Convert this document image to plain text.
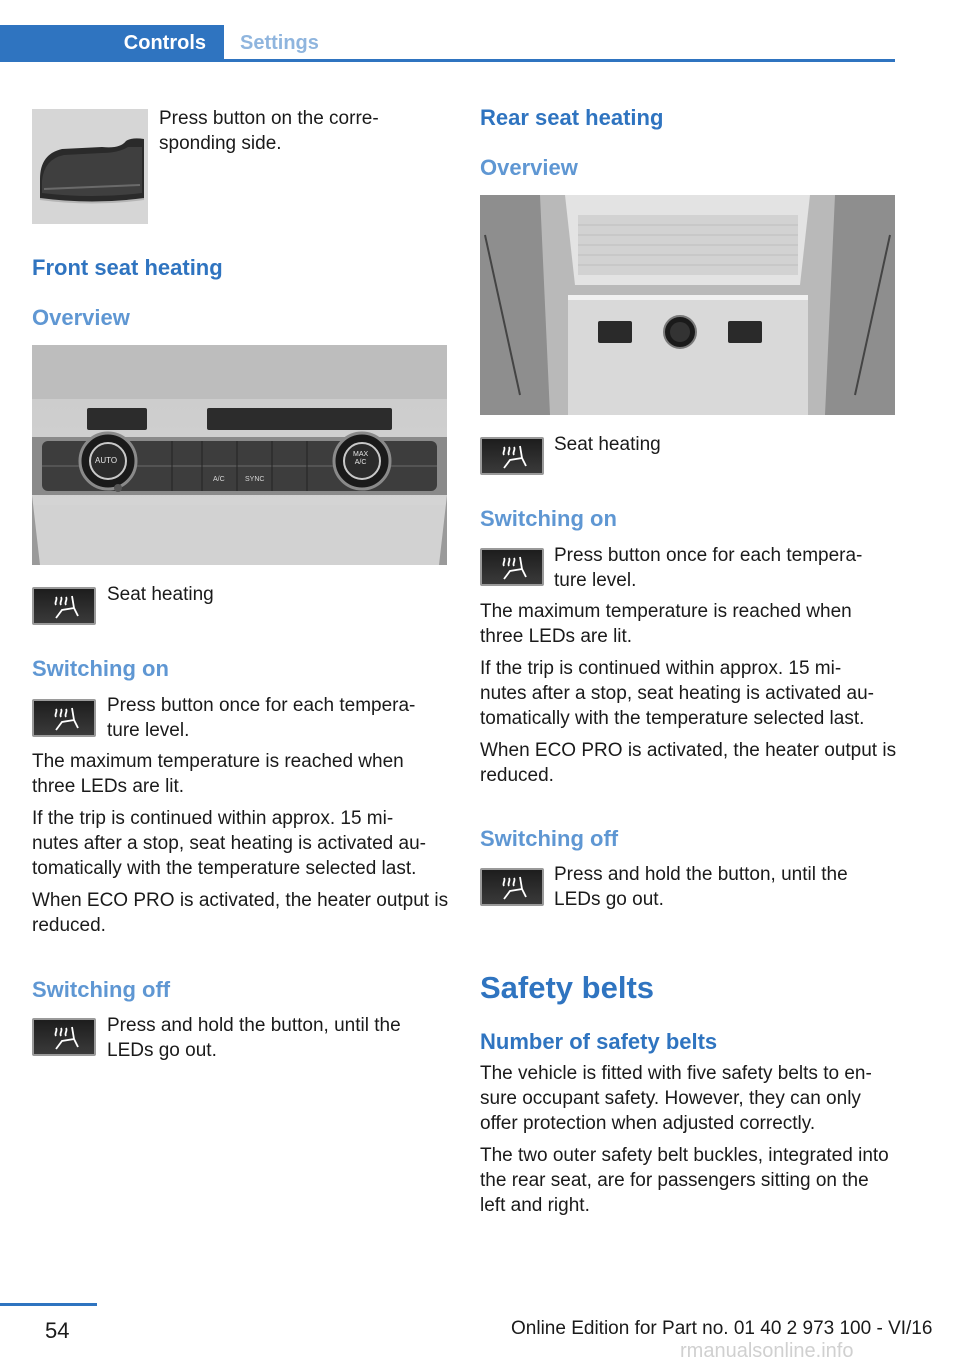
Controls	Settings

Press button on the corre‐
sponding side.

Front seat heating
Overview
AUTO
MAX
A/C
A/C	SYNC

Seat heating

Switching on

Press button once for each tempera‐
ture level.

The maximum temperature is reached when three LEDs are lit.

If the trip is continued within approx. 15 mi‐
nutes after a stop, seat heating is activated au‐
tomatically with the temperature selected last.

When ECO PRO is activated, the heater output is reduced.

Switching off

Press and hold the button, until the
LEDs go out.

Rear seat heating
Overview

Seat heating

Switching on

Press button once for each tempera‐
ture level.

The maximum temperature is reached when three LEDs are lit.

If the trip is continued within approx. 15 mi‐
nutes after a stop, seat heating is activated au‐
tomatically with the temperature selected last.

When ECO PRO is activated, the heater output is reduced.

Switching off

Press and hold the button, until the
LEDs go out.

Safety belts
Number of safety belts

The vehicle is fitted with five safety belts to en‐
sure occupant safety. However, they can only
offer protection when adjusted correctly.

The two outer safety belt buckles, integrated into the rear seat, are for passengers sitting on the left and right.

54	Online Edition for Part no. 01 40 2 973 100 - VI/16
rmanualsonline.info
